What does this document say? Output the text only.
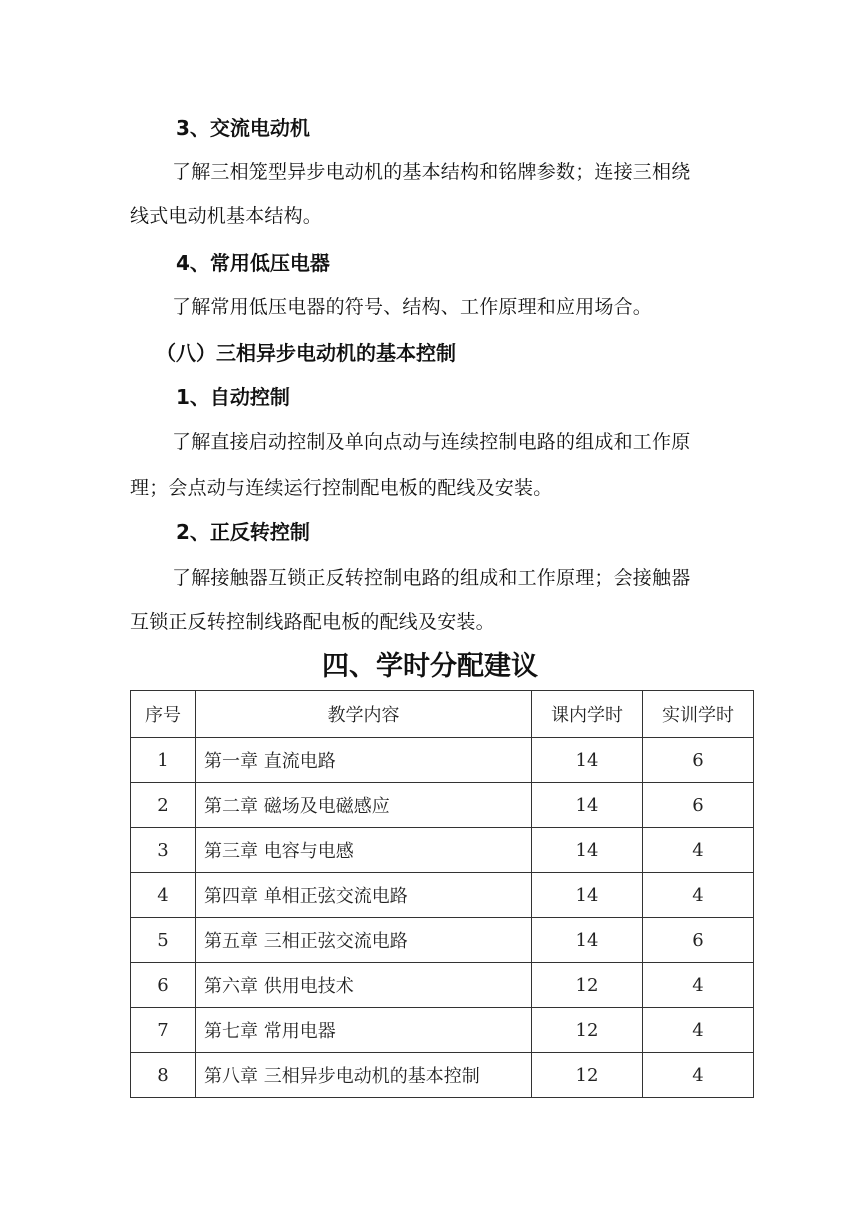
3、交流电动机
了解三相笼型异步电动机的基本结构和铭牌参数；连接三相绕
线式电动机基本结构。
4、常用低压电器
了解常用低压电器的符号、结构、工作原理和应用场合。
（八）三相异步电动机的基本控制
1、自动控制
了解直接启动控制及单向点动与连续控制电路的组成和工作原
理；会点动与连续运行控制配电板的配线及安装。
2、正反转控制
了解接触器互锁正反转控制电路的组成和工作原理；会接触器
互锁正反转控制线路配电板的配线及安装。
四、学时分配建议
序号	教学内容	课内学时	实训学时
1	第一章 直流电路	14	6
2	第二章 磁场及电磁感应	14	6
3	第三章 电容与电感	14	4
4	第四章 单相正弦交流电路	14	4
5	第五章 三相正弦交流电路	14	6
6	第六章 供用电技术	12	4
7	第七章 常用电器	12	4
8	第八章 三相异步电动机的基本控制	12	4
